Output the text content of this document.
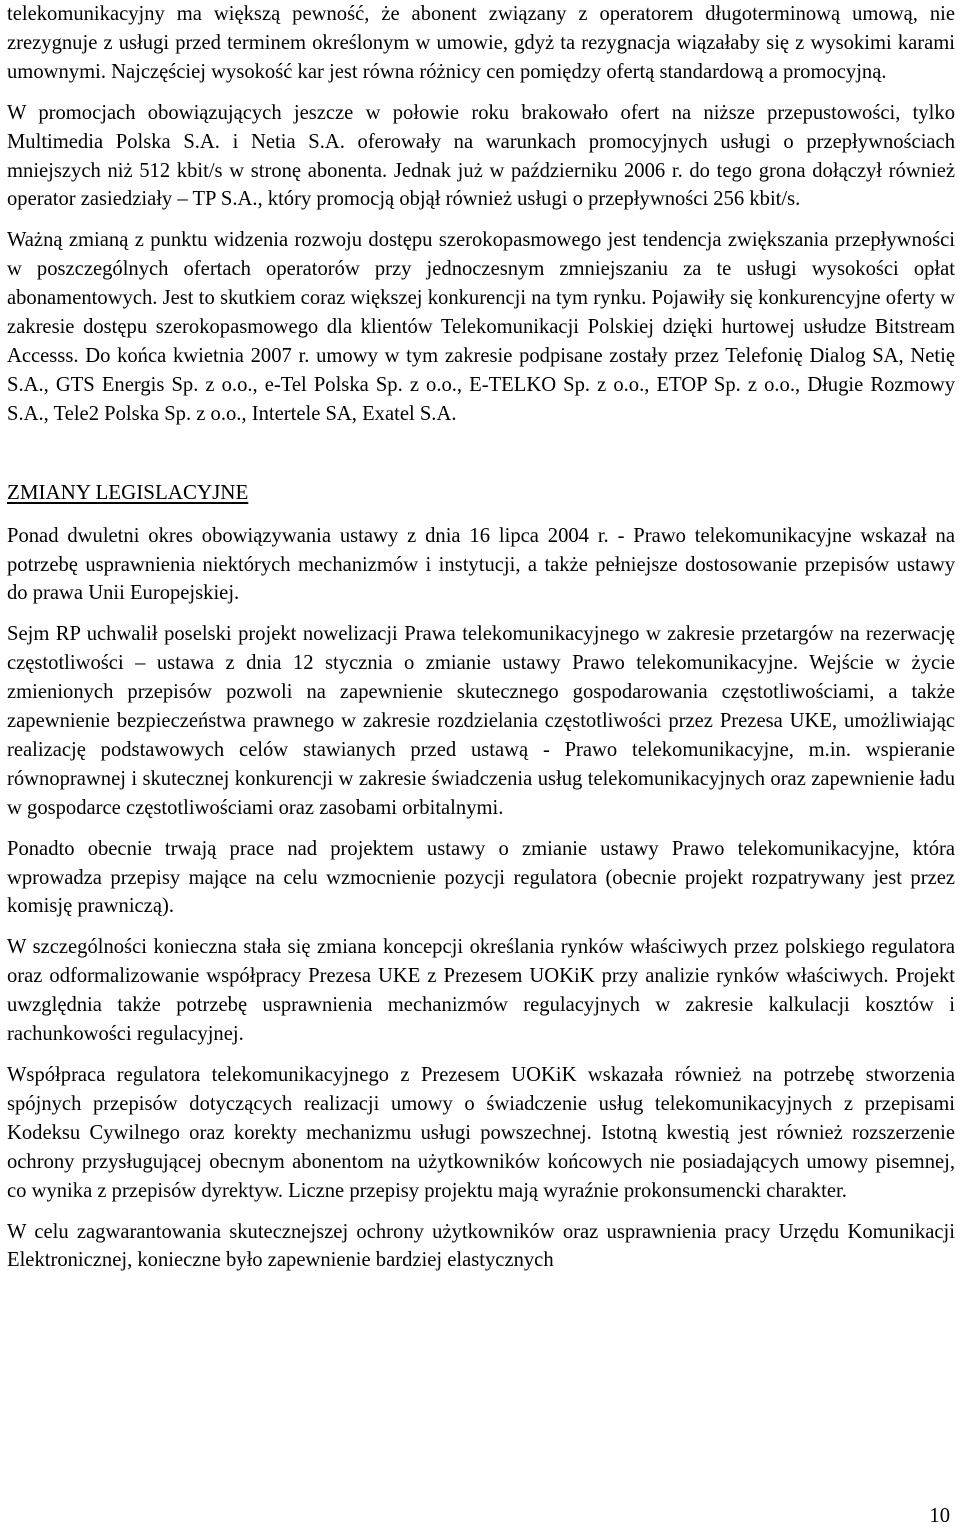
telekomunikacyjny ma większą pewność, że abonent związany z operatorem długoterminową umową, nie zrezygnuje z usługi przed terminem określonym w umowie, gdyż ta rezygnacja wiązałaby się z wysokimi karami umownymi. Najczęściej wysokość kar jest równa różnicy cen pomiędzy ofertą standardową a promocyjną.

W promocjach obowiązujących jeszcze w połowie roku brakowało ofert na niższe przepustowości, tylko Multimedia Polska S.A. i Netia S.A. oferowały na warunkach promocyjnych usługi o przepływnościach mniejszych niż 512 kbit/s w stronę abonenta. Jednak już w październiku 2006 r. do tego grona dołączył również operator zasiedziały – TP S.A., który promocją objął również usługi o przepływności 256 kbit/s.

Ważną zmianą z punktu widzenia rozwoju dostępu szerokopasmowego jest tendencja zwiększania przepływności w poszczególnych ofertach operatorów przy jednoczesnym zmniejszaniu za te usługi wysokości opłat abonamentowych. Jest to skutkiem coraz większej konkurencji na tym rynku. Pojawiły się konkurencyjne oferty w zakresie dostępu szerokopasmowego dla klientów Telekomunikacji Polskiej dzięki hurtowej usłudze Bitstream Accesss. Do końca kwietnia 2007 r. umowy w tym zakresie podpisane zostały przez Telefonię Dialog SA, Netię S.A., GTS Energis Sp. z o.o., e-Tel Polska Sp. z o.o., E-TELKO Sp. z o.o., ETOP Sp. z o.o., Długie Rozmowy S.A., Tele2 Polska Sp. z o.o., Intertele SA, Exatel S.A.

ZMIANY LEGISLACYJNE

Ponad dwuletni okres obowiązywania ustawy z dnia 16 lipca 2004 r. - Prawo telekomunikacyjne wskazał na potrzebę usprawnienia niektórych mechanizmów i instytucji, a także pełniejsze dostosowanie przepisów ustawy do prawa Unii Europejskiej.

Sejm RP uchwalił poselski projekt nowelizacji Prawa telekomunikacyjnego w zakresie przetargów na rezerwację częstotliwości – ustawa z dnia 12 stycznia o zmianie ustawy Prawo telekomunikacyjne. Wejście w życie zmienionych przepisów pozwoli na zapewnienie skutecznego gospodarowania częstotliwościami, a także zapewnienie bezpieczeństwa prawnego w zakresie rozdzielania częstotliwości przez Prezesa UKE, umożliwiając realizację podstawowych celów stawianych przed ustawą - Prawo telekomunikacyjne, m.in. wspieranie równoprawnej i skutecznej konkurencji w zakresie świadczenia usług telekomunikacyjnych oraz zapewnienie ładu w gospodarce częstotliwościami oraz zasobami orbitalnymi.

Ponadto obecnie trwają prace nad projektem ustawy o zmianie ustawy Prawo telekomunikacyjne, która wprowadza przepisy mające na celu wzmocnienie pozycji regulatora (obecnie projekt rozpatrywany jest przez komisję prawniczą).

W szczególności konieczna stała się zmiana koncepcji określania rynków właściwych przez polskiego regulatora oraz odformalizowanie współpracy Prezesa UKE z Prezesem UOKiK przy analizie rynków właściwych. Projekt uwzględnia także potrzebę usprawnienia mechanizmów regulacyjnych w zakresie kalkulacji kosztów i rachunkowości regulacyjnej.

Współpraca regulatora telekomunikacyjnego z Prezesem UOKiK wskazała również na potrzebę stworzenia spójnych przepisów dotyczących realizacji umowy o świadczenie usług telekomunikacyjnych z przepisami Kodeksu Cywilnego oraz korekty mechanizmu usługi powszechnej. Istotną kwestią jest również rozszerzenie ochrony przysługującej obecnym abonentom na użytkowników końcowych nie posiadających umowy pisemnej, co wynika z przepisów dyrektyw. Liczne przepisy projektu mają wyraźnie prokonsumencki charakter.

W celu zagwarantowania skutecznejszej ochrony użytkowników oraz usprawnienia pracy Urzędu Komunikacji Elektronicznej, konieczne było zapewnienie bardziej elastycznych

10
